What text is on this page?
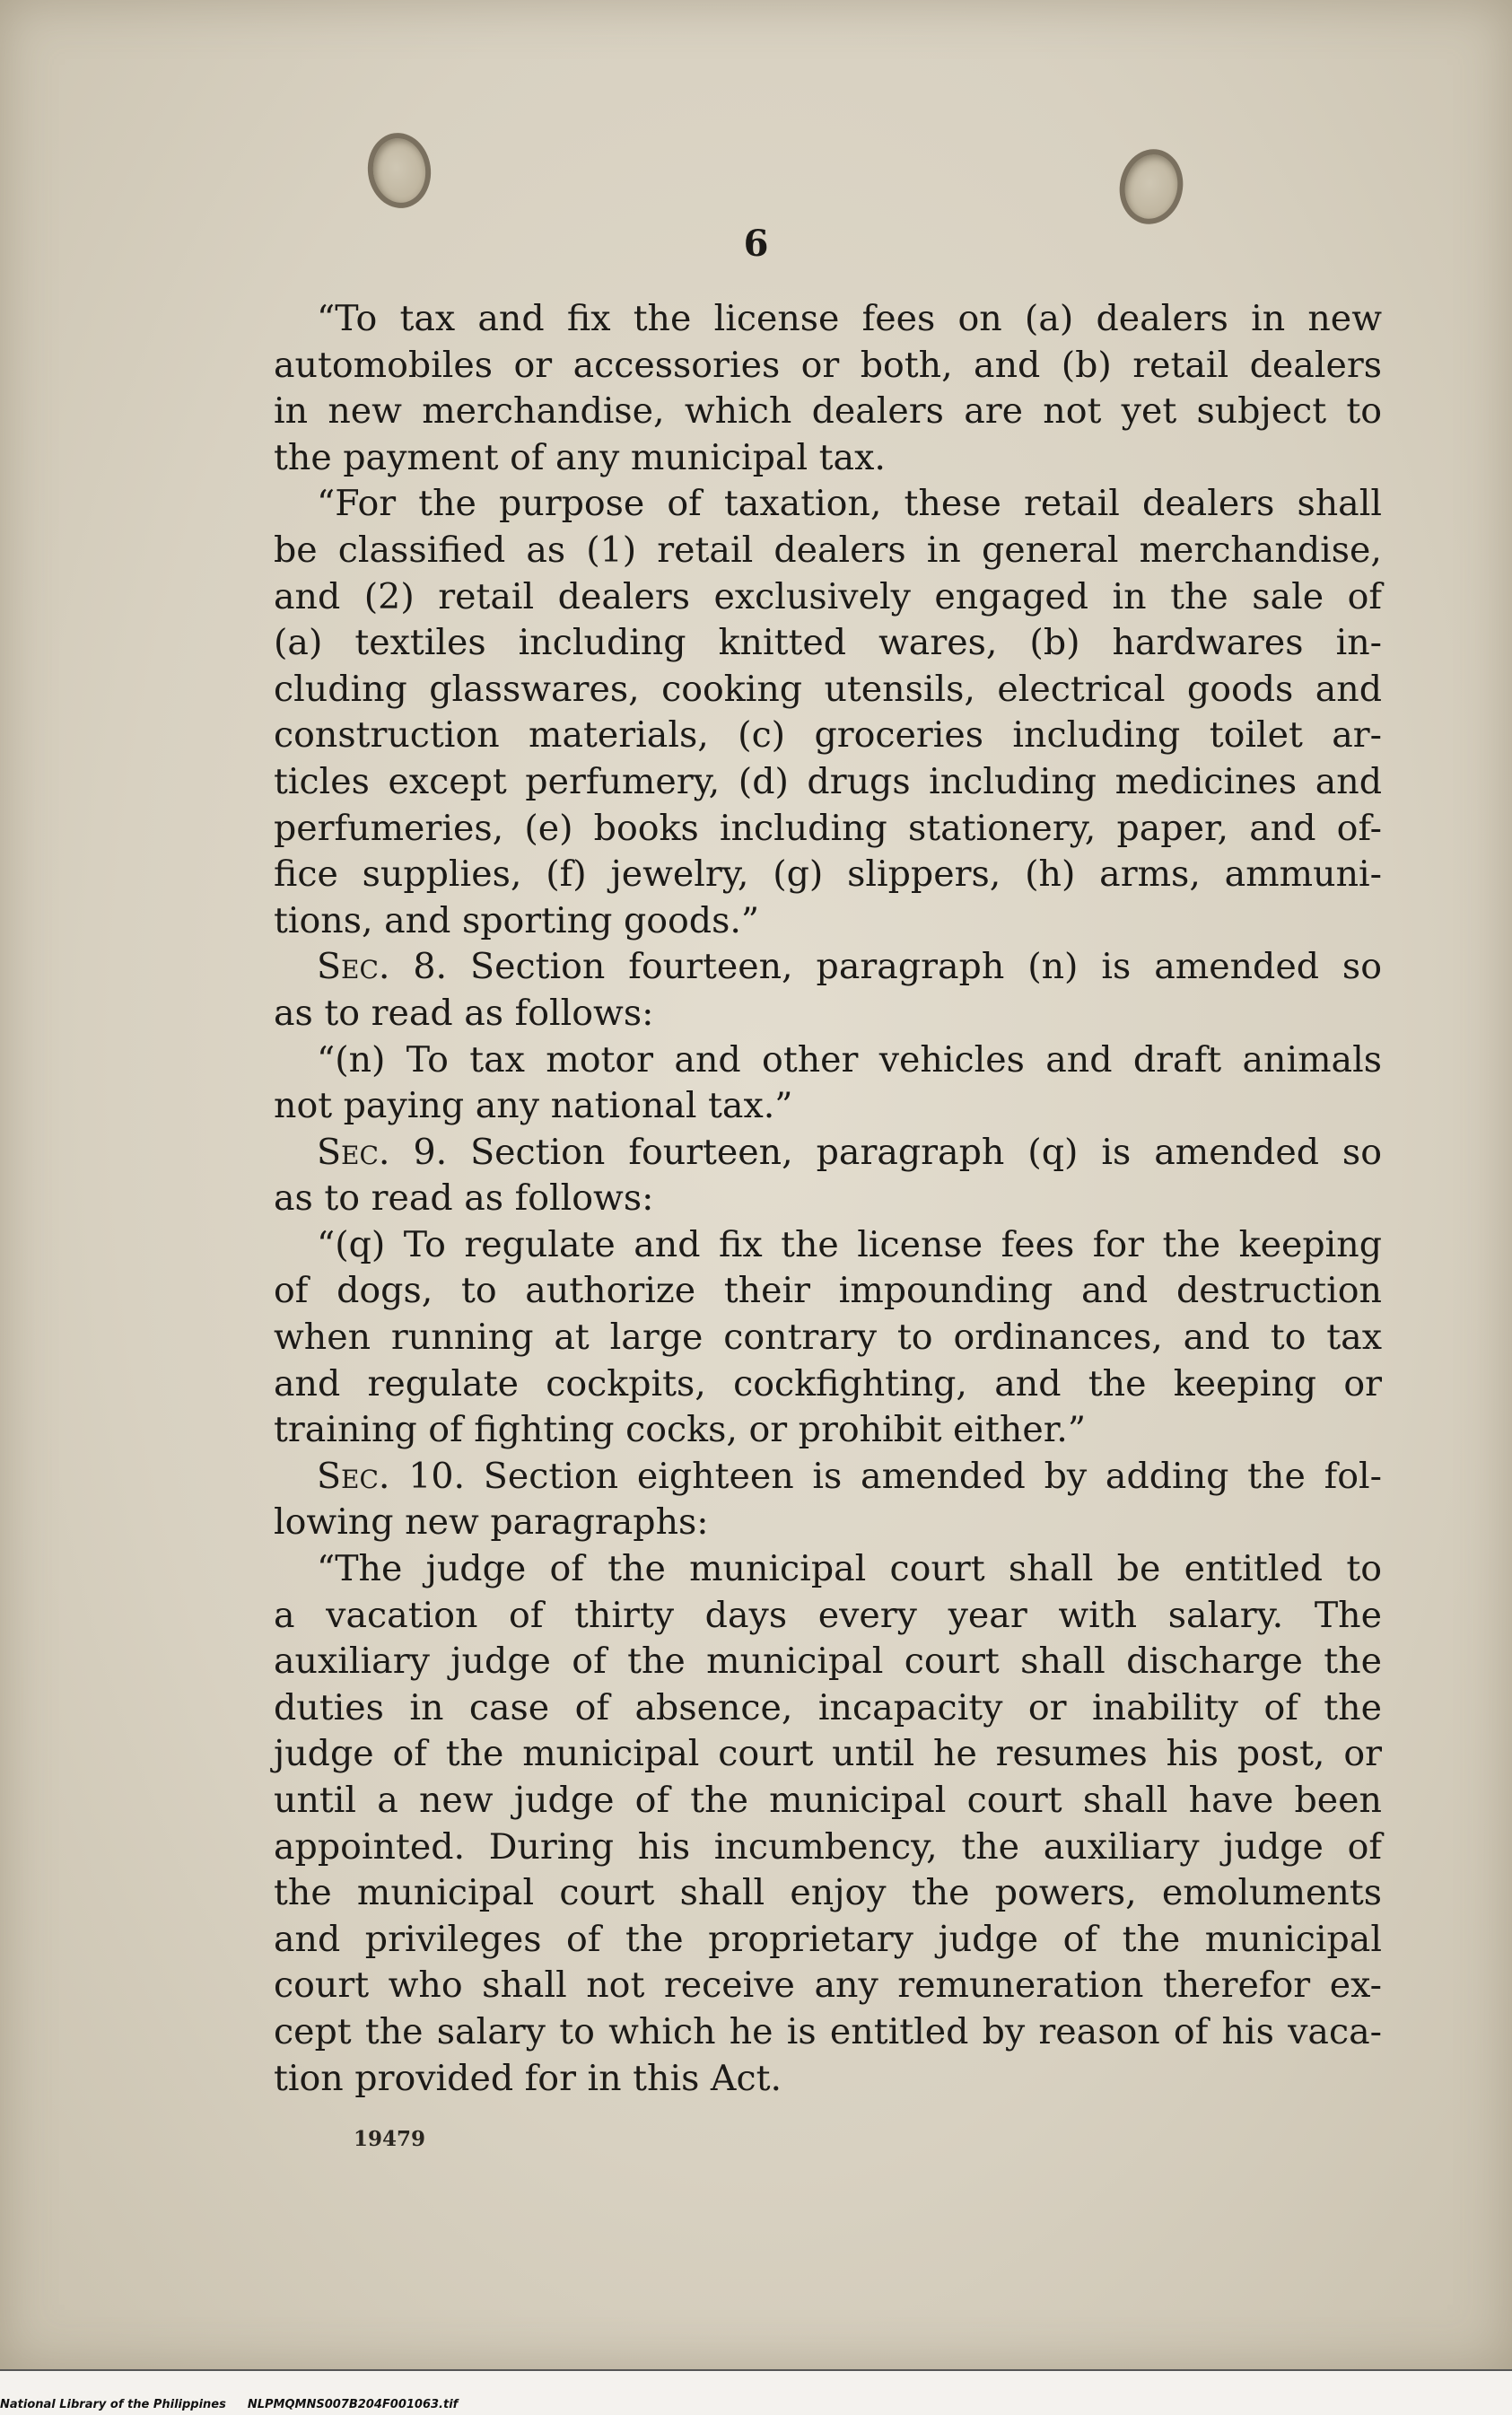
6
“To tax and fix the license fees on (a) dealers in new
automobiles or accessories or both, and (b) retail dealers
in new merchandise, which dealers are not yet subject to
the payment of any municipal tax.
“For the purpose of taxation, these retail dealers shall
be classified as (1) retail dealers in general merchandise,
and (2) retail dealers exclusively engaged in the sale of
(a) textiles including knitted wares, (b) hardwares in-
cluding glasswares, cooking utensils, electrical goods and
construction materials, (c) groceries including toilet ar-
ticles except perfumery, (d) drugs including medicines and
perfumeries, (e) books including stationery, paper, and of-
fice supplies, (f) jewelry, (g) slippers, (h) arms, ammuni-
tions, and sporting goods.”
Sec. 8. Section fourteen, paragraph (n) is amended so
as to read as follows:
“(n) To tax motor and other vehicles and draft animals
not paying any national tax.”
Sec. 9. Section fourteen, paragraph (q) is amended so
as to read as follows:
“(q) To regulate and fix the license fees for the keeping
of dogs, to authorize their impounding and destruction
when running at large contrary to ordinances, and to tax
and regulate cockpits, cockfighting, and the keeping or
training of fighting cocks, or prohibit either.”
Sec. 10. Section eighteen is amended by adding the fol-
lowing new paragraphs:
“The judge of the municipal court shall be entitled to
a vacation of thirty days every year with salary. The
auxiliary judge of the municipal court shall discharge the
duties in case of absence, incapacity or inability of the
judge of the municipal court until he resumes his post, or
until a new judge of the municipal court shall have been
appointed. During his incumbency, the auxiliary judge of
the municipal court shall enjoy the powers, emoluments
and privileges of the proprietary judge of the municipal
court who shall not receive any remuneration therefor ex-
cept the salary to which he is entitled by reason of his vaca-
tion provided for in this Act.
19479
National Library of the Philippines NLPMQMNS007B204F001063.tif
